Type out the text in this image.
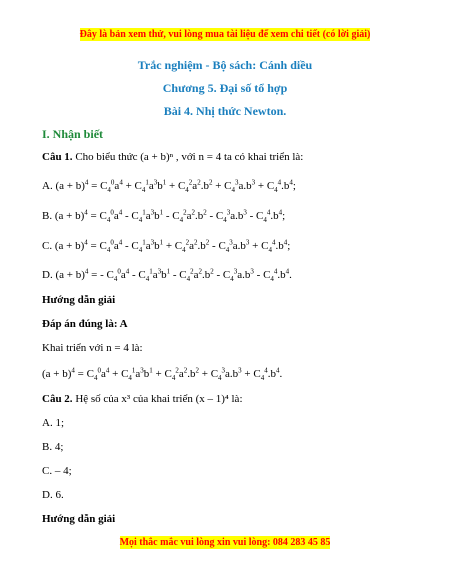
Đây là bản xem thử, vui lòng mua tài liệu để xem chi tiết (có lời giải)
Trắc nghiệm - Bộ sách: Cánh diều
Chương 5. Đại số tổ hợp
Bài 4. Nhị thức Newton.
I. Nhận biết
Câu 1. Cho biểu thức (a + b)ⁿ , với n = 4 ta có khai triển là:
A. $(a + b)^4 = C_4^0a^4 + C_4^1a^3b^1 + C_4^2a^2.b^2 + C_4^3a.b^3 + C_4^4.b^4$;
B. $(a + b)^4 = C_4^0a^4 - C_4^1a^3b^1 - C_4^2a^2.b^2 - C_4^3a.b^3 - C_4^4.b^4$;
C. $(a + b)^4 = C_4^0a^4 - C_4^1a^3b^1 + C_4^2a^2.b^2 - C_4^3a.b^3 + C_4^4.b^4$;
D. $(a + b)^4$ = - $C_4^0a^4 - C_4^1a^3b^1 - C_4^2a^2.b^2 - C_4^3a.b^3 - C_4^4.b^4$.
Hướng dẫn giải
Đáp án đúng là: A
Khai triển với n = 4 là:
$(a + b)^4 = C_4^0a^4 + C_4^1a^3b^1 + C_4^2a^2.b^2 + C_4^3a.b^3 + C_4^4.b^4$.
Câu 2. Hệ số của x³ của khai triển (x – 1)⁴ là:
A. 1;
B. 4;
C. – 4;
D. 6.
Hướng dẫn giải
Mọi thắc mắc vui lòng xin vui lòng: 084 283 45 85
